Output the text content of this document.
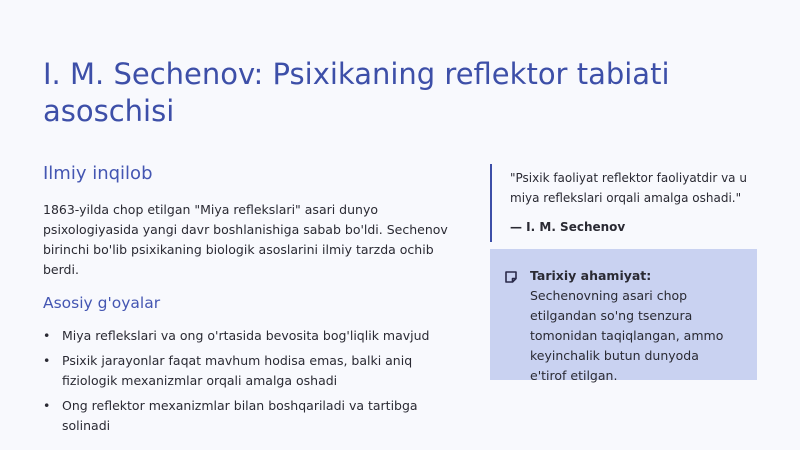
I. M. Sechenov: Psixikaning reflektor tabiati asoschisi
Ilmiy inqilob

1863-yilda chop etilgan "Miya reflekslari" asari dunyo psixologiyasida yangi davr boshlanishiga sabab bo'ldi. Sechenov birinchi bo'lib psixikaning biologik asoslarini ilmiy tarzda ochib berdi.

Asosiy g'oyalar
• Miya reflekslari va ong o'rtasida bevosita bog'liqlik mavjud
• Psixik jarayonlar faqat mavhum hodisa emas, balki aniq fiziologik mexanizmlar orqali amalga oshadi
• Ong reflektor mexanizmlar bilan boshqariladi va tartibga solinadi

"Psixik faoliyat reflektor faoliyatdir va u miya reflekslari orqali amalga oshadi."

— I. M. Sechenov

Tarixiy ahamiyat: Sechenovning asari chop etilgandan so'ng tsenzura tomonidan taqiqlangan, ammo keyinchalik butun dunyoda e'tirof etilgan.
